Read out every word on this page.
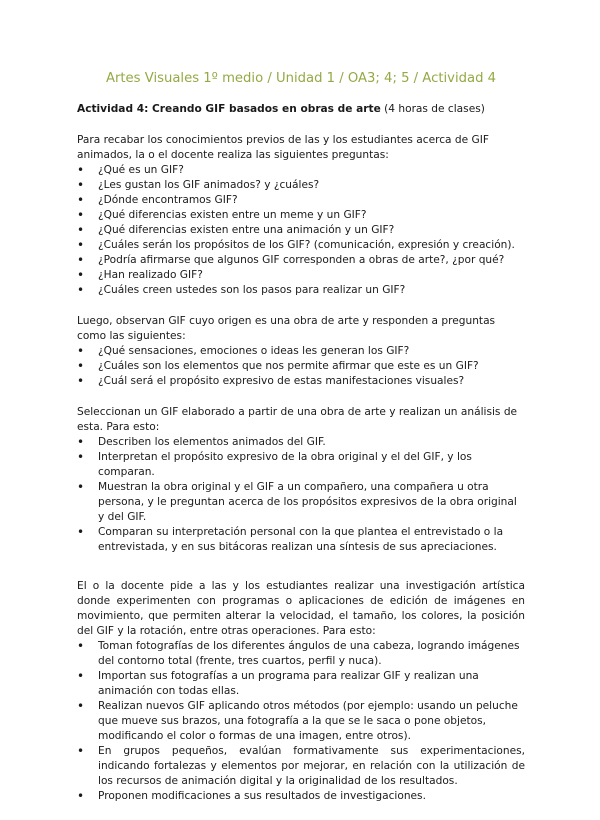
Artes Visuales 1º medio / Unidad 1 / OA3; 4; 5 / Actividad 4
Actividad 4: Creando GIF basados en obras de arte (4 horas de clases)

Para recabar los conocimientos previos de las y los estudiantes acerca de GIF animados, la o el docente realiza las siguientes preguntas:

• ¿Qué es un GIF?
• ¿Les gustan los GIF animados? y ¿cuáles?
• ¿Dónde encontramos GIF?
• ¿Qué diferencias existen entre un meme y un GIF?
• ¿Qué diferencias existen entre una animación y un GIF?
• ¿Cuáles serán los propósitos de los GIF? (comunicación, expresión y creación).
• ¿Podría afirmarse que algunos GIF corresponden a obras de arte?, ¿por qué?
• ¿Han realizado GIF?
• ¿Cuáles creen ustedes son los pasos para realizar un GIF?

Luego, observan GIF cuyo origen es una obra de arte y responden a preguntas como las siguientes:

• ¿Qué sensaciones, emociones o ideas les generan los GIF?
• ¿Cuáles son los elementos que nos permite afirmar que este es un GIF?
• ¿Cuál será el propósito expresivo de estas manifestaciones visuales?

Seleccionan un GIF elaborado a partir de una obra de arte y realizan un análisis de esta. Para esto:

• Describen los elementos animados del GIF.
• Interpretan el propósito expresivo de la obra original y el del GIF, y los comparan.
• Muestran la obra original y el GIF a un compañero, una compañera u otra persona, y le preguntan acerca de los propósitos expresivos de la obra original y del GIF.
• Comparan su interpretación personal con la que plantea el entrevistado o la entrevistada, y en sus bitácoras realizan una síntesis de sus apreciaciones.

El o la docente pide a las y los estudiantes realizar una investigación artística donde experimenten con programas o aplicaciones de edición de imágenes en movimiento, que permiten alterar la velocidad, el tamaño, los colores, la posición del GIF y la rotación, entre otras operaciones. Para esto:

• Toman fotografías de los diferentes ángulos de una cabeza, logrando imágenes del contorno total (frente, tres cuartos, perfil y nuca).
• Importan sus fotografías a un programa para realizar GIF y realizan una animación con todas ellas.
• Realizan nuevos GIF aplicando otros métodos (por ejemplo: usando un peluche que mueve sus brazos, una fotografía a la que se le saca o pone objetos, modificando el color o formas de una imagen, entre otros).
• En grupos pequeños, evalúan formativamente sus experimentaciones, indicando fortalezas y elementos por mejorar, en relación con la utilización de los recursos de animación digital y la originalidad de los resultados.
• Proponen modificaciones a sus resultados de investigaciones.
